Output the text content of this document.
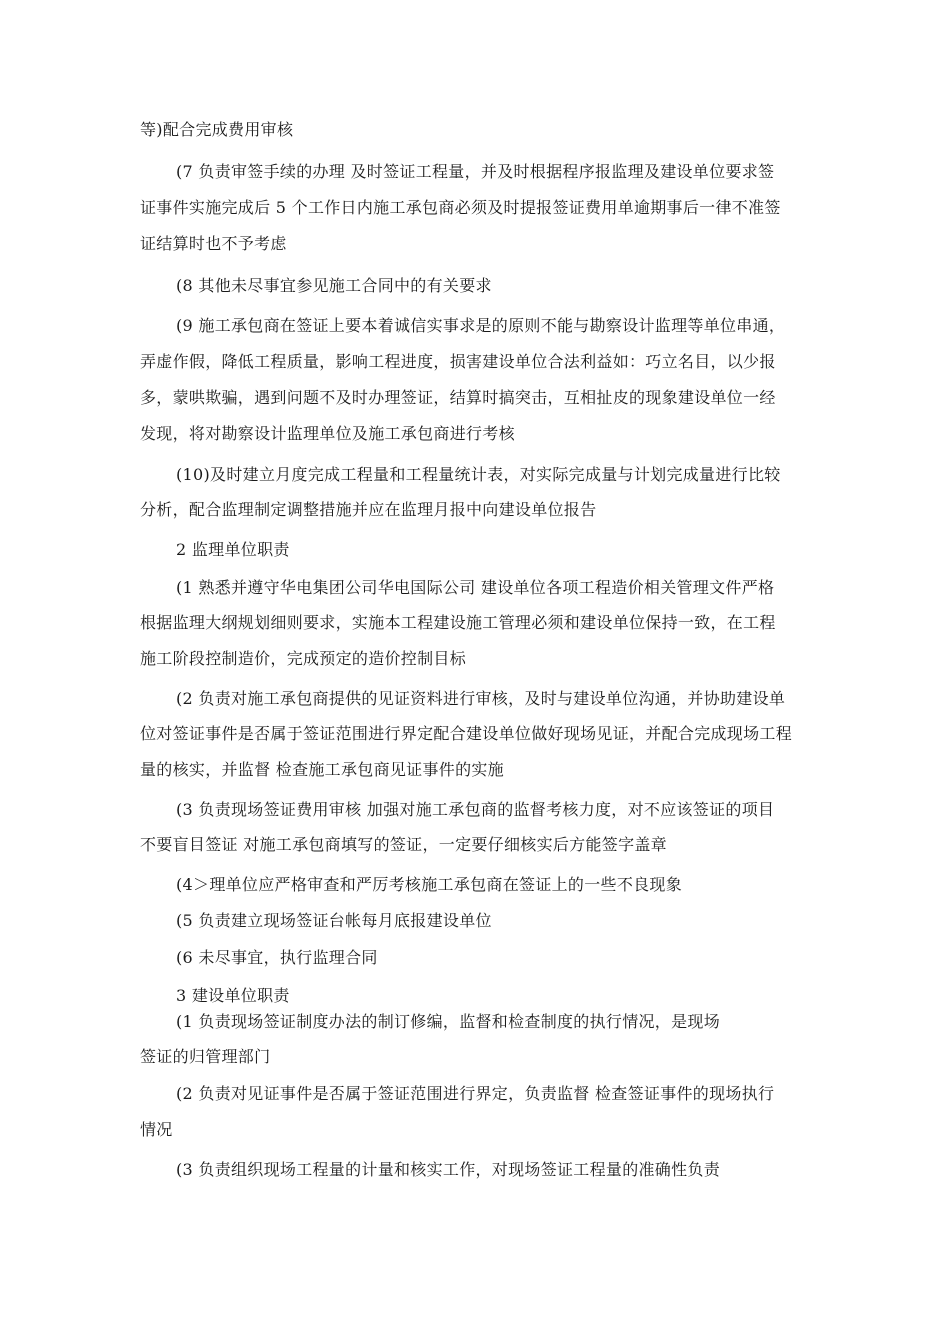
等)配合完成费用审核
(7 负责审签手续的办理 及时签证工程量，并及时根据程序报监理及建设单位要求签
证事件实施完成后 5 个工作日内施工承包商必须及时提报签证费用单逾期事后一律不准签
证结算时也不予考虑
(8 其他未尽事宜参见施工合同中的有关要求
(9 施工承包商在签证上要本着诚信实事求是的原则不能与勘察设计监理等单位串通，
弄虚作假，降低工程质量，影响工程进度，损害建设单位合法利益如：巧立名目，以少报
多，蒙哄欺骗，遇到问题不及时办理签证，结算时搞突击，互相扯皮的现象建设单位一经
发现，将对勘察设计监理单位及施工承包商进行考核
(10)及时建立月度完成工程量和工程量统计表，对实际完成量与计划完成量进行比较
分析，配合监理制定调整措施并应在监理月报中向建设单位报告
2 监理单位职责
(1 熟悉并遵守华电集团公司华电国际公司 建设单位各项工程造价相关管理文件严格
根据监理大纲规划细则要求，实施本工程建设施工管理必须和建设单位保持一致，在工程
施工阶段控制造价，完成预定的造价控制目标
(2 负责对施工承包商提供的见证资料进行审核，及时与建设单位沟通，并协助建设单
位对签证事件是否属于签证范围进行界定配合建设单位做好现场见证，并配合完成现场工程
量的核实，并监督 检查施工承包商见证事件的实施
(3 负责现场签证费用审核 加强对施工承包商的监督考核力度，对不应该签证的项目
不要盲目签证 对施工承包商填写的签证，一定要仔细核实后方能签字盖章
(4＞理单位应严格审查和严厉考核施工承包商在签证上的一些不良现象
(5 负责建立现场签证台帐每月底报建设单位
(6 未尽事宜，执行监理合同
3 建设单位职责
(1 负责现场签证制度办法的制订修编，监督和检查制度的执行情况，是现场
签证的归管理部门
(2 负责对见证事件是否属于签证范围进行界定，负责监督 检查签证事件的现场执行
情况
(3 负责组织现场工程量的计量和核实工作，对现场签证工程量的准确性负责
